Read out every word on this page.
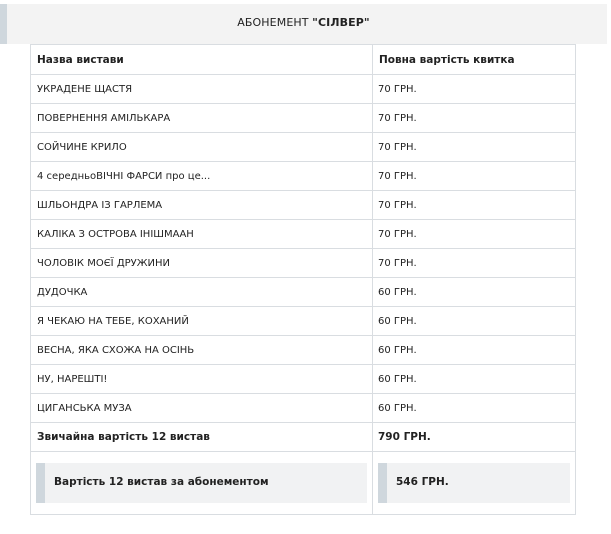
АБОНЕМЕНТ "СІЛВЕР"
Назва вистави	Повна вартість квитка
УКРАДЕНЕ ЩАСТЯ	70 ГРН.
ПОВЕРНЕННЯ АМІЛЬКАРА	70 ГРН.
СОЙЧИНЕ КРИЛО	70 ГРН.
4 середньоВІЧНІ ФАРСИ про це...	70 ГРН.
ШЛЬОНДРА ІЗ ГАРЛЕМА	70 ГРН.
КАЛІКА З ОСТРОВА ІНІШМААН	70 ГРН.
ЧОЛОВІК МОЄЇ ДРУЖИНИ	70 ГРН.
ДУДОЧКА	60 ГРН.
Я ЧЕКАЮ НА ТЕБЕ, КОХАНИЙ	60 ГРН.
ВЕСНА, ЯКА СХОЖА НА ОСІНЬ	60 ГРН.
НУ, НАРЕШТІ!	60 ГРН.
ЦИГАНСЬКА МУЗА	60 ГРН.
Звичайна вартість 12 вистав	790 ГРН.

Вартість 12 вистав за абонементом	546 ГРН.
